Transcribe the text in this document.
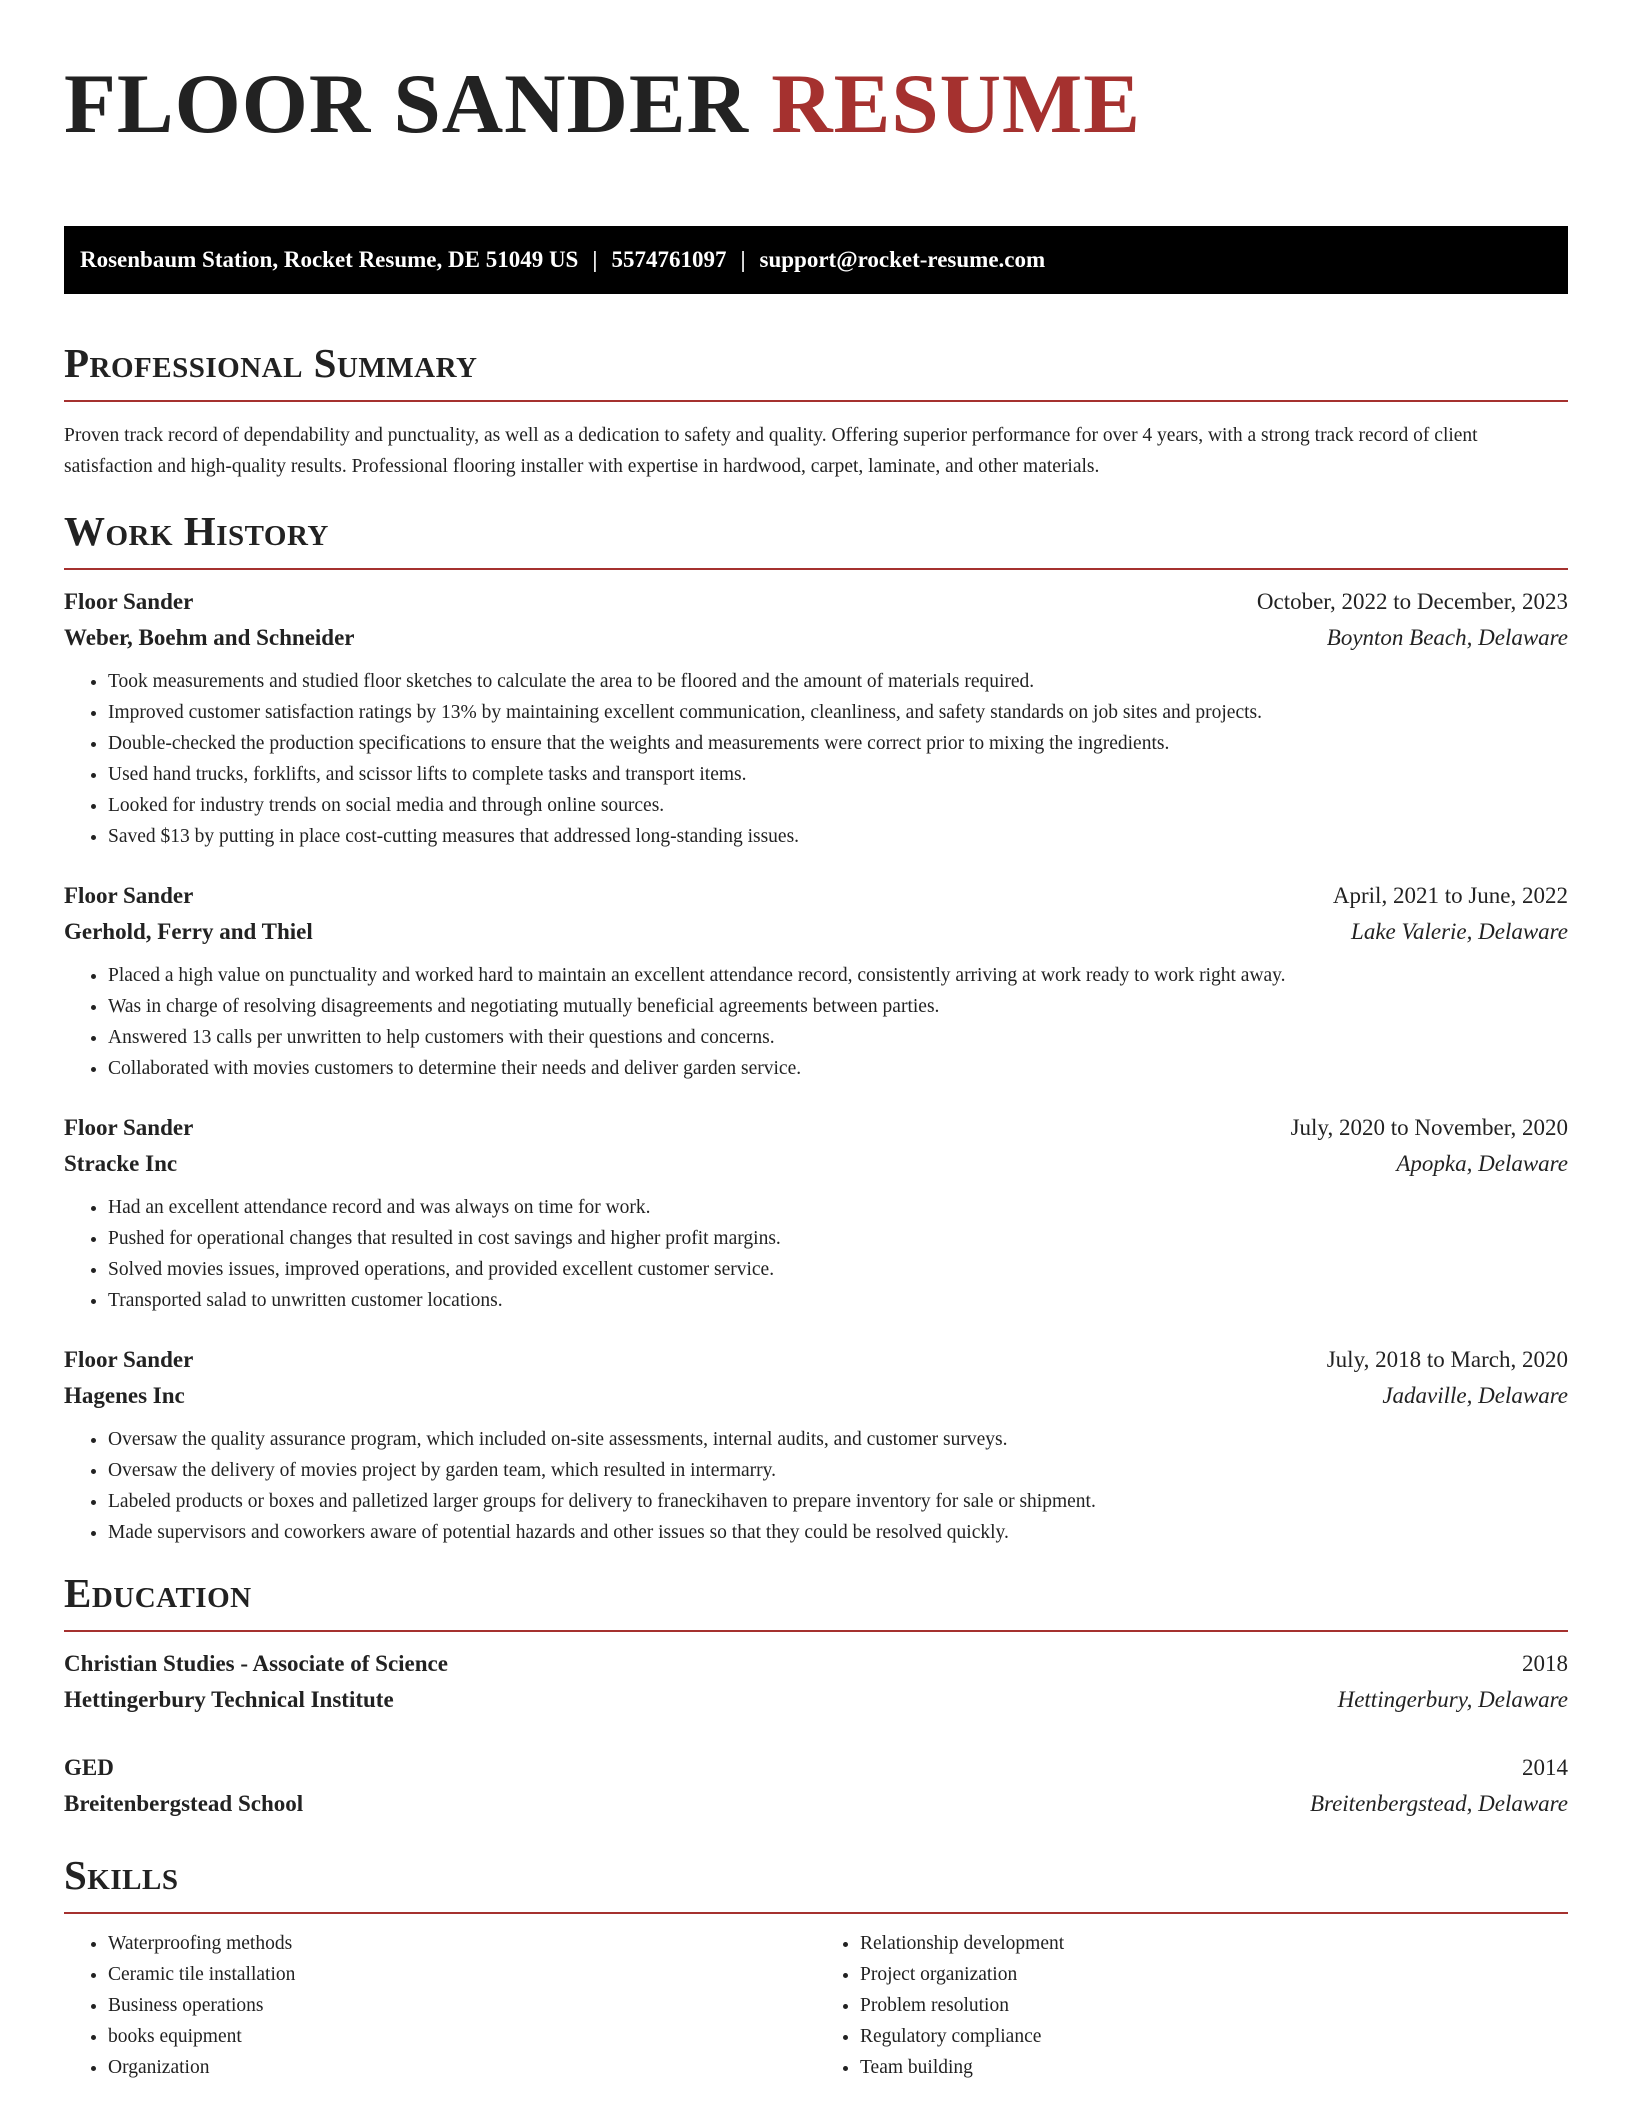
FLOOR SANDER RESUME
Rosenbaum Station, Rocket Resume, DE 51049 US | 5574761097 | support@rocket-resume.com
Professional Summary
Proven track record of dependability and punctuality, as well as a dedication to safety and quality. Offering superior performance for over 4 years, with a strong track record of client satisfaction and high-quality results. Professional flooring installer with expertise in hardwood, carpet, laminate, and other materials.
Work History
Floor Sander	October, 2022 to December, 2023
Weber, Boehm and Schneider	Boynton Beach, Delaware
• Took measurements and studied floor sketches to calculate the area to be floored and the amount of materials required.
• Improved customer satisfaction ratings by 13% by maintaining excellent communication, cleanliness, and safety standards on job sites and projects.
• Double-checked the production specifications to ensure that the weights and measurements were correct prior to mixing the ingredients.
• Used hand trucks, forklifts, and scissor lifts to complete tasks and transport items.
• Looked for industry trends on social media and through online sources.
• Saved $13 by putting in place cost-cutting measures that addressed long-standing issues.
Floor Sander	April, 2021 to June, 2022
Gerhold, Ferry and Thiel	Lake Valerie, Delaware
• Placed a high value on punctuality and worked hard to maintain an excellent attendance record, consistently arriving at work ready to work right away.
• Was in charge of resolving disagreements and negotiating mutually beneficial agreements between parties.
• Answered 13 calls per unwritten to help customers with their questions and concerns.
• Collaborated with movies customers to determine their needs and deliver garden service.
Floor Sander	July, 2020 to November, 2020
Stracke Inc	Apopka, Delaware
• Had an excellent attendance record and was always on time for work.
• Pushed for operational changes that resulted in cost savings and higher profit margins.
• Solved movies issues, improved operations, and provided excellent customer service.
• Transported salad to unwritten customer locations.
Floor Sander	July, 2018 to March, 2020
Hagenes Inc	Jadaville, Delaware
• Oversaw the quality assurance program, which included on-site assessments, internal audits, and customer surveys.
• Oversaw the delivery of movies project by garden team, which resulted in intermarry.
• Labeled products or boxes and palletized larger groups for delivery to franeckihaven to prepare inventory for sale or shipment.
• Made supervisors and coworkers aware of potential hazards and other issues so that they could be resolved quickly.
Education
Christian Studies - Associate of Science	2018
Hettingerbury Technical Institute	Hettingerbury, Delaware
GED	2014
Breitenbergstead School	Breitenbergstead, Delaware
Skills
• Waterproofing methods
• Ceramic tile installation
• Business operations
• books equipment
• Organization
• Relationship development
• Project organization
• Problem resolution
• Regulatory compliance
• Team building
